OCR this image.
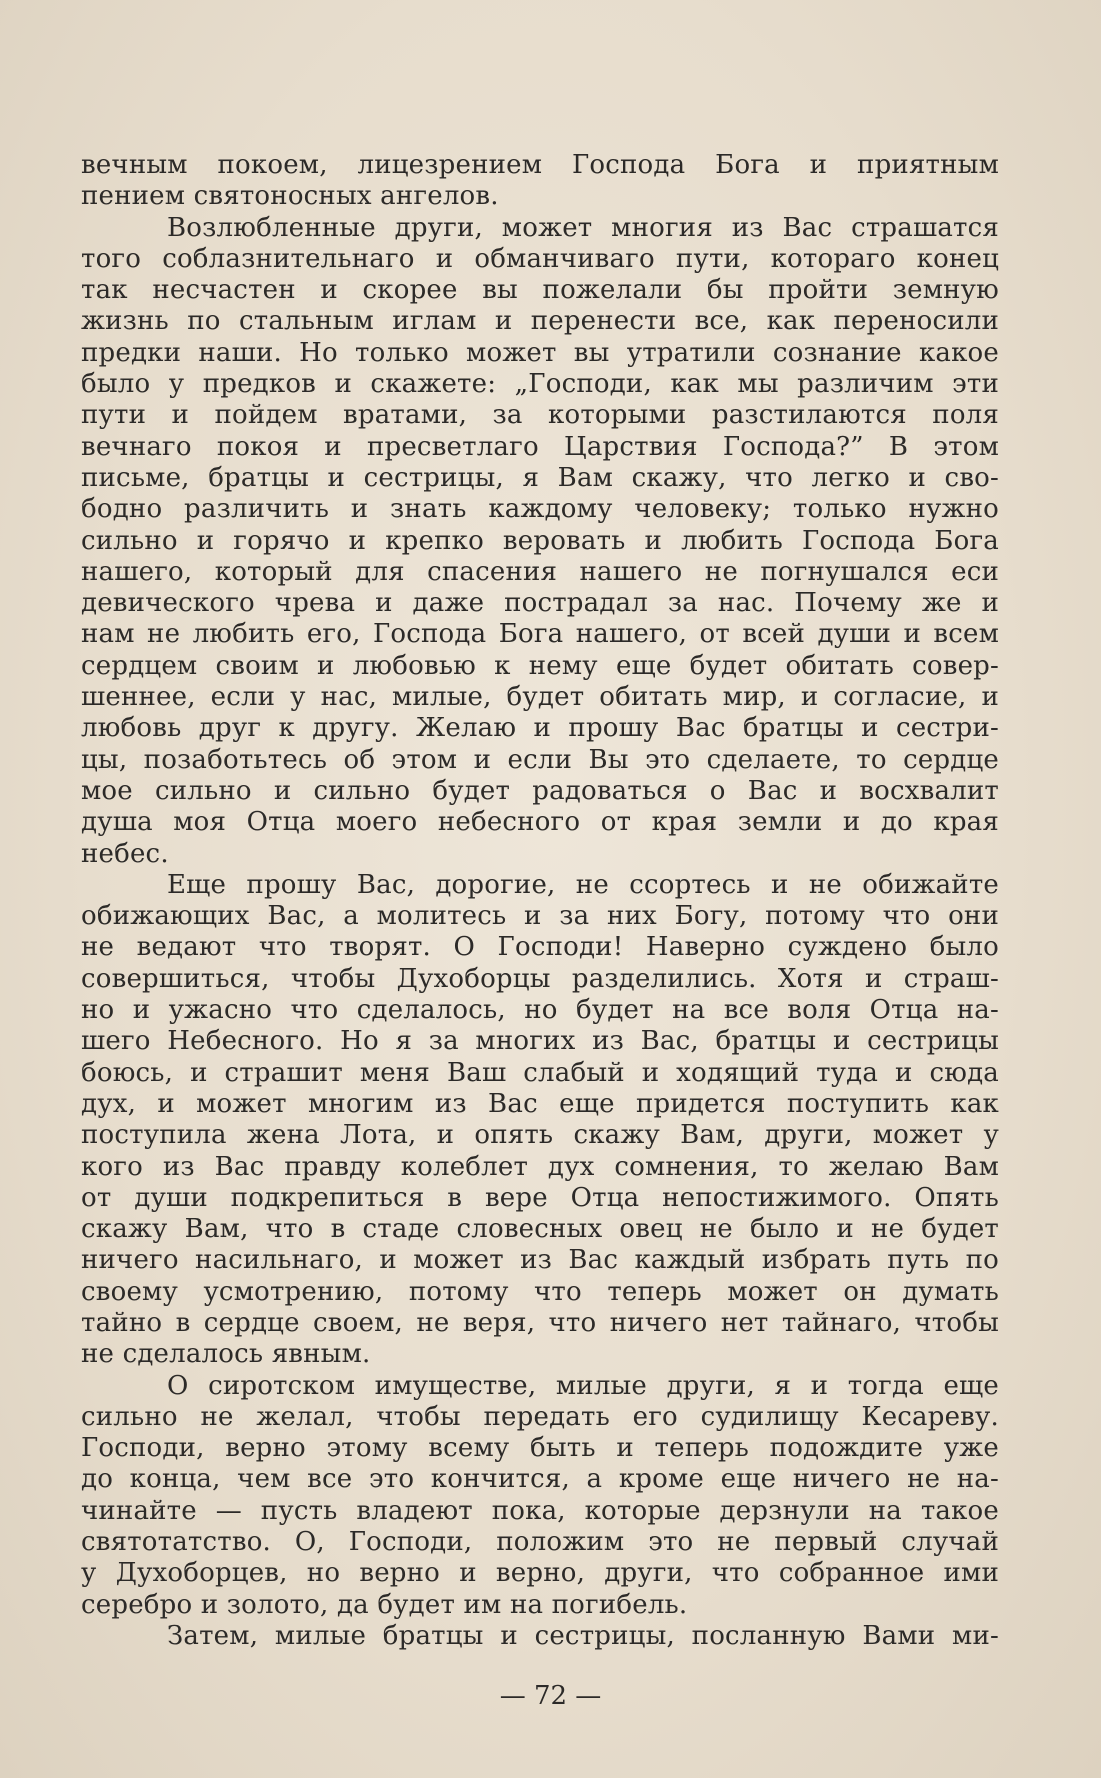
вечным покоем, лицезрением Господа Бога и приятным
пением святоносных ангелов.
Возлюбленные други, может многия из Вас страшатся
того соблазнительнаго и обманчиваго пути, котораго конец
так несчастен и скорее вы пожелали бы пройти земную
жизнь по стальным иглам и перенести все, как переносили
предки наши. Но только может вы утратили сознание какое
было у предков и скажете: „Господи, как мы различим эти
пути и пойдем вратами, за которыми разстилаются поля
вечнаго покоя и пресветлаго Царствия Господа?” В этом
письме, братцы и сестрицы, я Вам скажу, что легко и сво-
бодно различить и знать каждому человеку; только нужно
сильно и горячо и крепко веровать и любить Господа Бога
нашего, который для спасения нашего не погнушался еси
девического чрева и даже пострадал за нас. Почему же и
нам не любить его, Господа Бога нашего, от всей души и всем
сердцем своим и любовью к нему еще будет обитать совер-
шеннее, если у нас, милые, будет обитать мир, и согласие, и
любовь друг к другу. Желаю и прошу Вас братцы и сестри-
цы, позаботьтесь об этом и если Вы это сделаете, то сердце
мое сильно и сильно будет радоваться о Вас и восхвалит
душа моя Отца моего небесного от края земли и до края
небес.
Еще прошу Вас, дорогие, не ссортесь и не обижайте
обижающих Вас, а молитесь и за них Богу, потому что они
не ведают что творят. О Господи! Наверно суждено было
совершиться, чтобы Духоборцы разделились. Хотя и страш-
но и ужасно что сделалось, но будет на все воля Отца на-
шего Небесного. Но я за многих из Вас, братцы и сестрицы
боюсь, и страшит меня Ваш слабый и ходящий туда и сюда
дух, и может многим из Вас еще придется поступить как
поступила жена Лота, и опять скажу Вам, други, может у
кого из Вас правду колеблет дух сомнения, то желаю Вам
от души подкрепиться в вере Отца непостижимого. Опять
скажу Вам, что в стаде словесных овец не было и не будет
ничего насильнаго, и может из Вас каждый избрать путь по
своему усмотрению, потому что теперь может он думать
тайно в сердце своем, не веря, что ничего нет тайнаго, чтобы
не сделалось явным.
О сиротском имуществе, милые други, я и тогда еще
сильно не желал, чтобы передать его судилищу Кесареву.
Господи, верно этому всему быть и теперь подождите уже
до конца, чем все это кончится, а кроме еще ничего не на-
чинайте — пусть владеют пока, которые дерзнули на такое
святотатство. О, Господи, положим это не первый случай
у Духоборцев, но верно и верно, други, что собранное ими
серебро и золото, да будет им на погибель.
Затем, милые братцы и сестрицы, посланную Вами ми-
— 72 —
